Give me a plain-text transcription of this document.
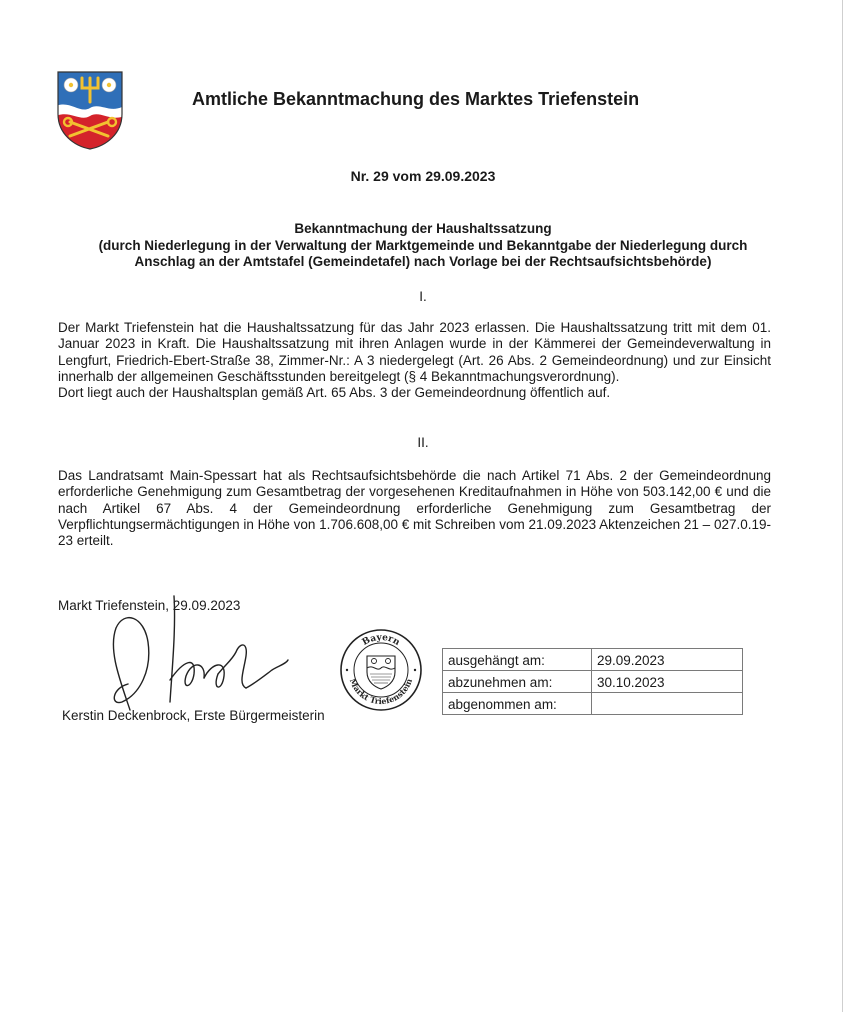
Amtliche Bekanntmachung des Marktes Triefenstein
Nr. 29 vom 29.09.2023
Bekanntmachung der Haushaltssatzung
(durch Niederlegung in der Verwaltung der Marktgemeinde und Bekanntgabe der Niederlegung durch
Anschlag an der Amtstafel (Gemeindetafel) nach Vorlage bei der Rechtsaufsichtsbehörde)
I.

Der Markt Triefenstein hat die Haushaltssatzung für das Jahr 2023 erlassen. Die Haushaltssatzung tritt mit dem 01. Januar 2023 in Kraft. Die Haushaltssatzung mit ihren Anlagen wurde in der Kämmerei der Gemeindeverwaltung in Lengfurt, Friedrich-Ebert-Straße 38, Zimmer-Nr.: A 3 niedergelegt (Art. 26 Abs. 2 Gemeindeordnung) und zur Einsicht innerhalb der allgemeinen Geschäftsstunden bereitgelegt (§ 4 Bekanntmachungsverordnung).

Dort liegt auch der Haushaltsplan gemäß Art. 65 Abs. 3 der Gemeindeordnung öffentlich auf.

II.

Das Landratsamt Main-Spessart hat als Rechtsaufsichtsbehörde die nach Artikel 71 Abs. 2 der Gemeindeordnung erforderliche Genehmigung zum Gesamtbetrag der vorgesehenen Kreditaufnahmen in Höhe von 503.142,00 € und die nach Artikel 67 Abs. 4 der Gemeindeordnung erforderliche Genehmigung zum Gesamtbetrag der Verpflichtungsermächtigungen in Höhe von 1.706.608,00 € mit Schreiben vom 21.09.2023 Aktenzeichen 21 – 027.0.19-23 erteilt.

Markt Triefenstein, 29.09.2023
Kerstin Deckenbrock, Erste Bürgermeisterin
Bayern
Markt Triefenstein
ausgehängt am:	29.09.2023
abzunehmen am:	30.10.2023
abgenommen am:	
